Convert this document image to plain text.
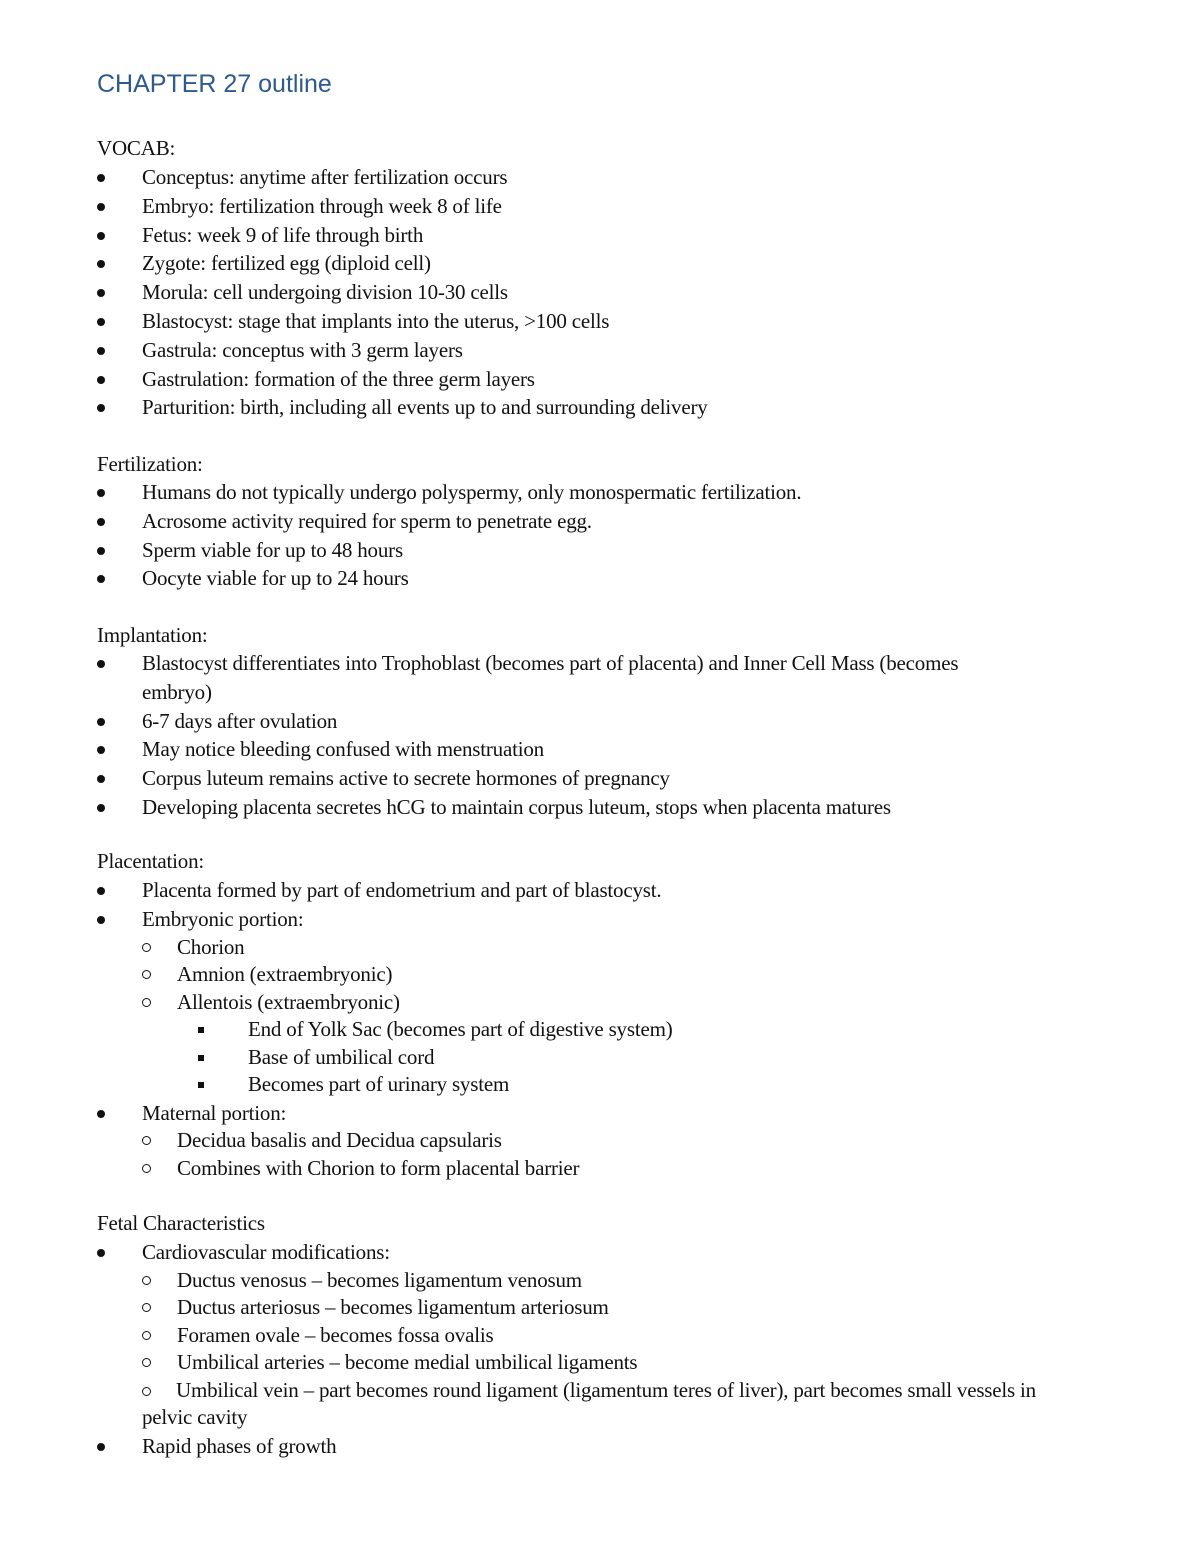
CHAPTER 27 outline

VOCAB:

Conceptus: anytime after fertilization occurs
Embryo: fertilization through week 8 of life
Fetus: week 9 of life through birth
Zygote: fertilized egg (diploid cell)
Morula: cell undergoing division 10-30 cells
Blastocyst: stage that implants into the uterus, >100 cells
Gastrula: conceptus with 3 germ layers
Gastrulation: formation of the three germ layers
Parturition: birth, including all events up to and surrounding delivery

Fertilization:

Humans do not typically undergo polyspermy, only monospermatic fertilization.
Acrosome activity required for sperm to penetrate egg.
Sperm viable for up to 48 hours
Oocyte viable for up to 24 hours

Implantation:

Blastocyst differentiates into Trophoblast (becomes part of placenta) and Inner Cell Mass (becomes embryo)
6-7 days after ovulation
May notice bleeding confused with menstruation
Corpus luteum remains active to secrete hormones of pregnancy
Developing placenta secretes hCG to maintain corpus luteum, stops when placenta matures

Placentation:

Placenta formed by part of endometrium and part of blastocyst.
Embryonic portion:
Chorion
Amnion (extraembryonic)
Allentois (extraembryonic)
End of Yolk Sac (becomes part of digestive system)
Base of umbilical cord
Becomes part of urinary system
Maternal portion:
Decidua basalis and Decidua capsularis
Combines with Chorion to form placental barrier

Fetal Characteristics

Cardiovascular modifications:
Ductus venosus – becomes ligamentum venosum
Ductus arteriosus – becomes ligamentum arteriosum
Foramen ovale – becomes fossa ovalis
Umbilical arteries – become medial umbilical ligaments
Umbilical vein – part becomes round ligament (ligamentum teres of liver), part becomes small vessels in pelvic cavity
Rapid phases of growth
